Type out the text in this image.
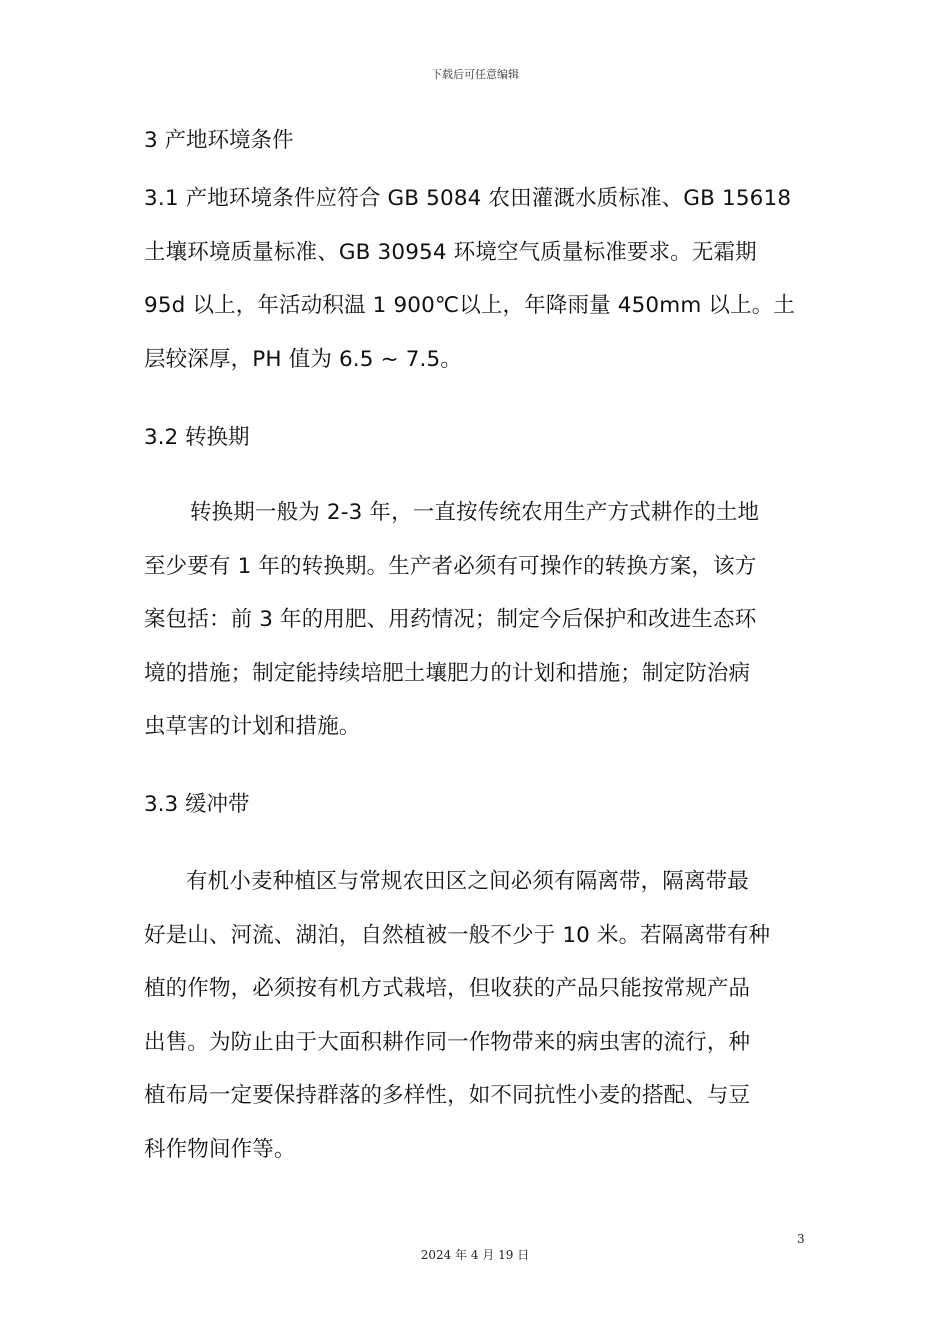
下载后可任意编辑
3 产地环境条件
3.1 产地环境条件应符合 GB 5084 农田灌溉水质标准、GB 15618
土壤环境质量标准、GB 30954 环境空气质量标准要求。无霜期
95d 以上，年活动积温 1 900℃以上，年降雨量 450mm 以上。土
层较深厚，PH 值为 6.5 ~ 7.5。
3.2 转换期
转换期一般为 2-3 年，一直按传统农用生产方式耕作的土地
至少要有 1 年的转换期。生产者必须有可操作的转换方案，该方
案包括：前 3 年的用肥、用药情况；制定今后保护和改进生态环
境的措施；制定能持续培肥土壤肥力的计划和措施；制定防治病
虫草害的计划和措施。
3.3 缓冲带
有机小麦种植区与常规农田区之间必须有隔离带，隔离带最
好是山、河流、湖泊，自然植被一般不少于 10 米。若隔离带有种
植的作物，必须按有机方式栽培，但收获的产品只能按常规产品
出售。为防止由于大面积耕作同一作物带来的病虫害的流行，种
植布局一定要保持群落的多样性，如不同抗性小麦的搭配、与豆
科作物间作等。
3
2024 年 4 月 19 日
